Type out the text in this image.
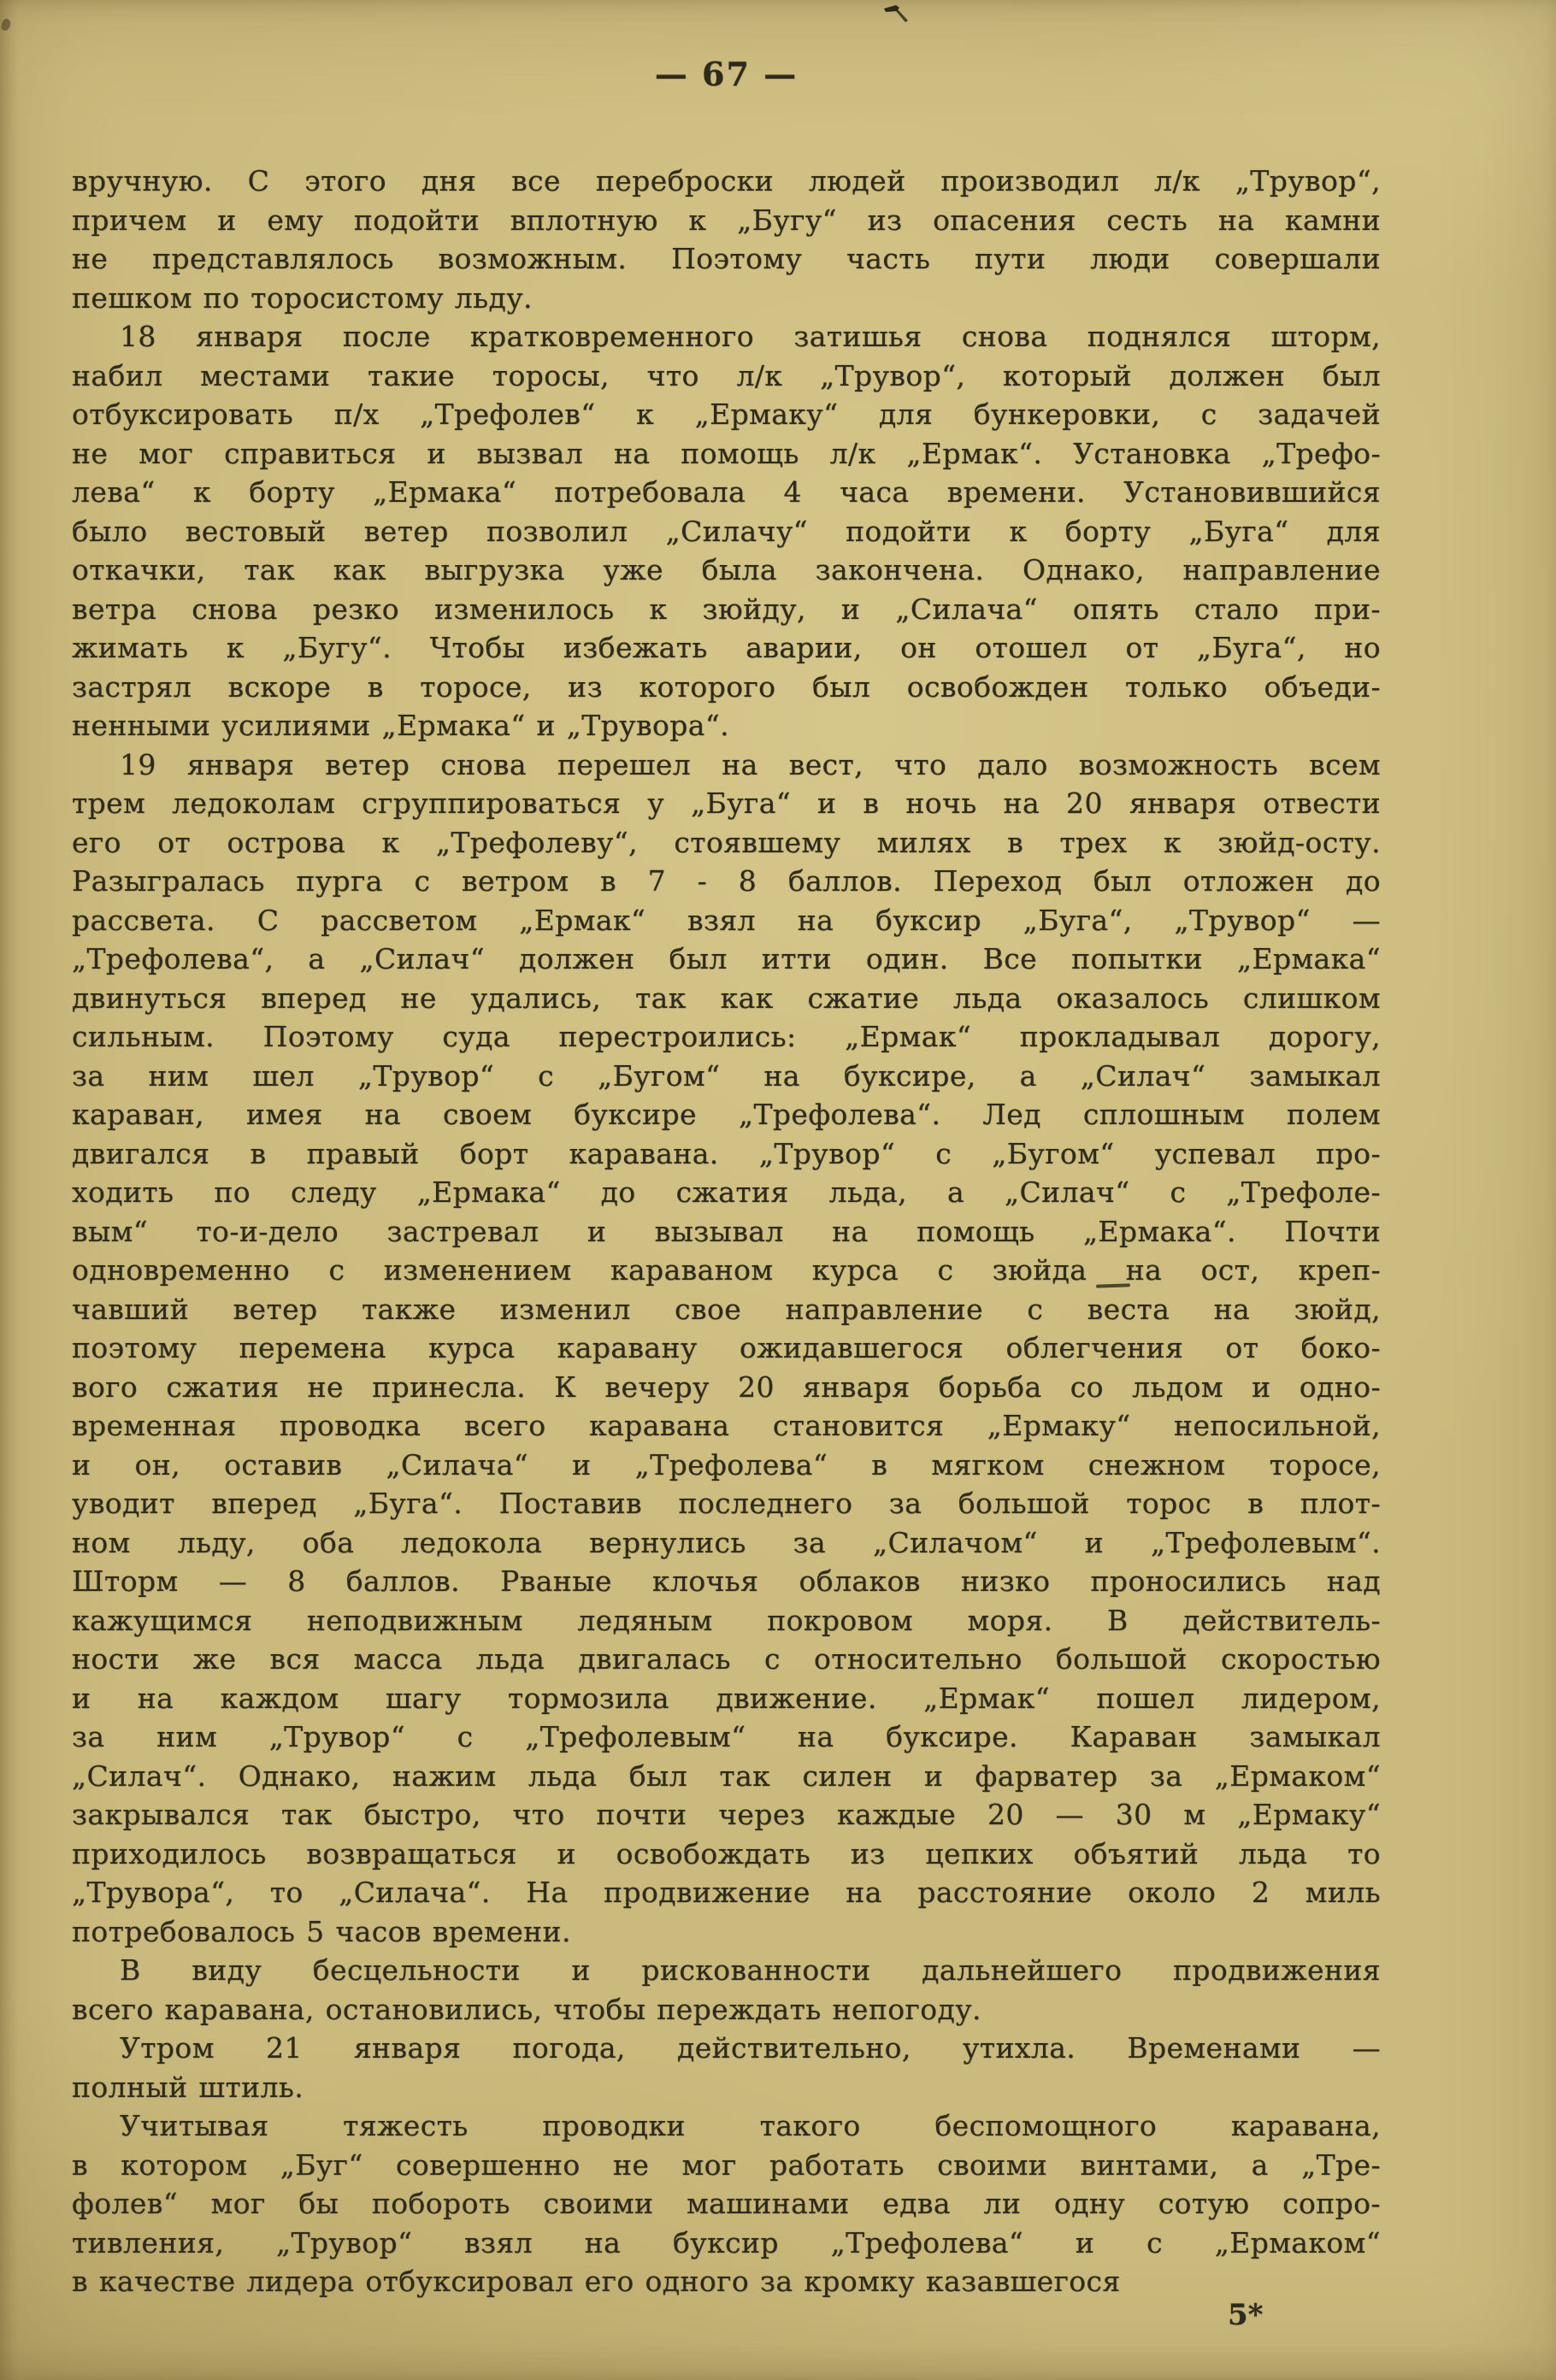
— 67 —
вручную. С этого дня все переброски людей производил л/к „Трувор“,
причем и ему подойти вплотную к „Бугу“ из опасения сесть на камни
не представлялось возможным. Поэтому часть пути люди совершали
пешком по торосистому льду.
18 января после кратковременного затишья снова поднялся шторм,
набил местами такие торосы, что л/к „Трувор“, который должен был
отбуксировать п/х „Трефолев“ к „Ермаку“ для бункеровки, с задачей
не мог справиться и вызвал на помощь л/к „Ермак“. Установка „Трефо-
лева“ к борту „Ермака“ потребовала 4 часа времени. Установившийся
было вестовый ветер позволил „Силачу“ подойти к борту „Буга“ для
откачки, так как выгрузка уже была закончена. Однако, направление
ветра снова резко изменилось к зюйду, и „Силача“ опять стало при-
жимать к „Бугу“. Чтобы избежать аварии, он отошел от „Буга“, но
застрял вскоре в торосе, из которого был освобожден только объеди-
ненными усилиями „Ермака“ и „Трувора“.
19 января ветер снова перешел на вест, что дало возможность всем
трем ледоколам сгруппироваться у „Буга“ и в ночь на 20 января отвести
его от острова к „Трефолеву“, стоявшему милях в трех к зюйд-осту.
Разыгралась пурга с ветром в 7 - 8 баллов. Переход был отложен до
рассвета. С рассветом „Ермак“ взял на буксир „Буга“, „Трувор“ —
„Трефолева“, а „Силач“ должен был итти один. Все попытки „Ермака“
двинуться вперед не удались, так как сжатие льда оказалось слишком
сильным. Поэтому суда перестроились: „Ермак“ прокладывал дорогу,
за ним шел „Трувор“ с „Бугом“ на буксире, а „Силач“ замыкал
караван, имея на своем буксире „Трефолева“. Лед сплошным полем
двигался в правый борт каравана. „Трувор“ с „Бугом“ успевал про-
ходить по следу „Ермака“ до сжатия льда, а „Силач“ с „Трефоле-
вым“ то-и-дело застревал и вызывал на помощь „Ермака“. Почти
одновременно с изменением караваном курса с зюйда на ост, креп-
чавший ветер также изменил свое направление с веста на зюйд,
поэтому перемена курса каравану ожидавшегося облегчения от боко-
вого сжатия не принесла. К вечеру 20 января борьба со льдом и одно-
временная проводка всего каравана становится „Ермаку“ непосильной,
и он, оставив „Силача“ и „Трефолева“ в мягком снежном торосе,
уводит вперед „Буга“. Поставив последнего за большой торос в плот-
ном льду, оба ледокола вернулись за „Силачом“ и „Трефолевым“.
Шторм — 8 баллов. Рваные клочья облаков низко проносились над
кажущимся неподвижным ледяным покровом моря. В действитель-
ности же вся масса льда двигалась с относительно большой скоростью
и на каждом шагу тормозила движение. „Ермак“ пошел лидером,
за ним „Трувор“ с „Трефолевым“ на буксире. Караван замыкал
„Силач“. Однако, нажим льда был так силен и фарватер за „Ермаком“
закрывался так быстро, что почти через каждые 20 — 30 м „Ермаку“
приходилось возвращаться и освобождать из цепких объятий льда то
„Трувора“, то „Силача“. На продвижение на расстояние около 2 миль
потребовалось 5 часов времени.
В виду бесцельности и рискованности дальнейшего продвижения
всего каравана, остановились, чтобы переждать непогоду.
Утром 21 января погода, действительно, утихла. Временами —
полный штиль.
Учитывая тяжесть проводки такого беспомощного каравана,
в котором „Буг“ совершенно не мог работать своими винтами, а „Тре-
фолев“ мог бы побороть своими машинами едва ли одну сотую сопро-
тивления, „Трувор“ взял на буксир „Трефолева“ и с „Ермаком“
в качестве лидера отбуксировал его одного за кромку казавшегося
5*
